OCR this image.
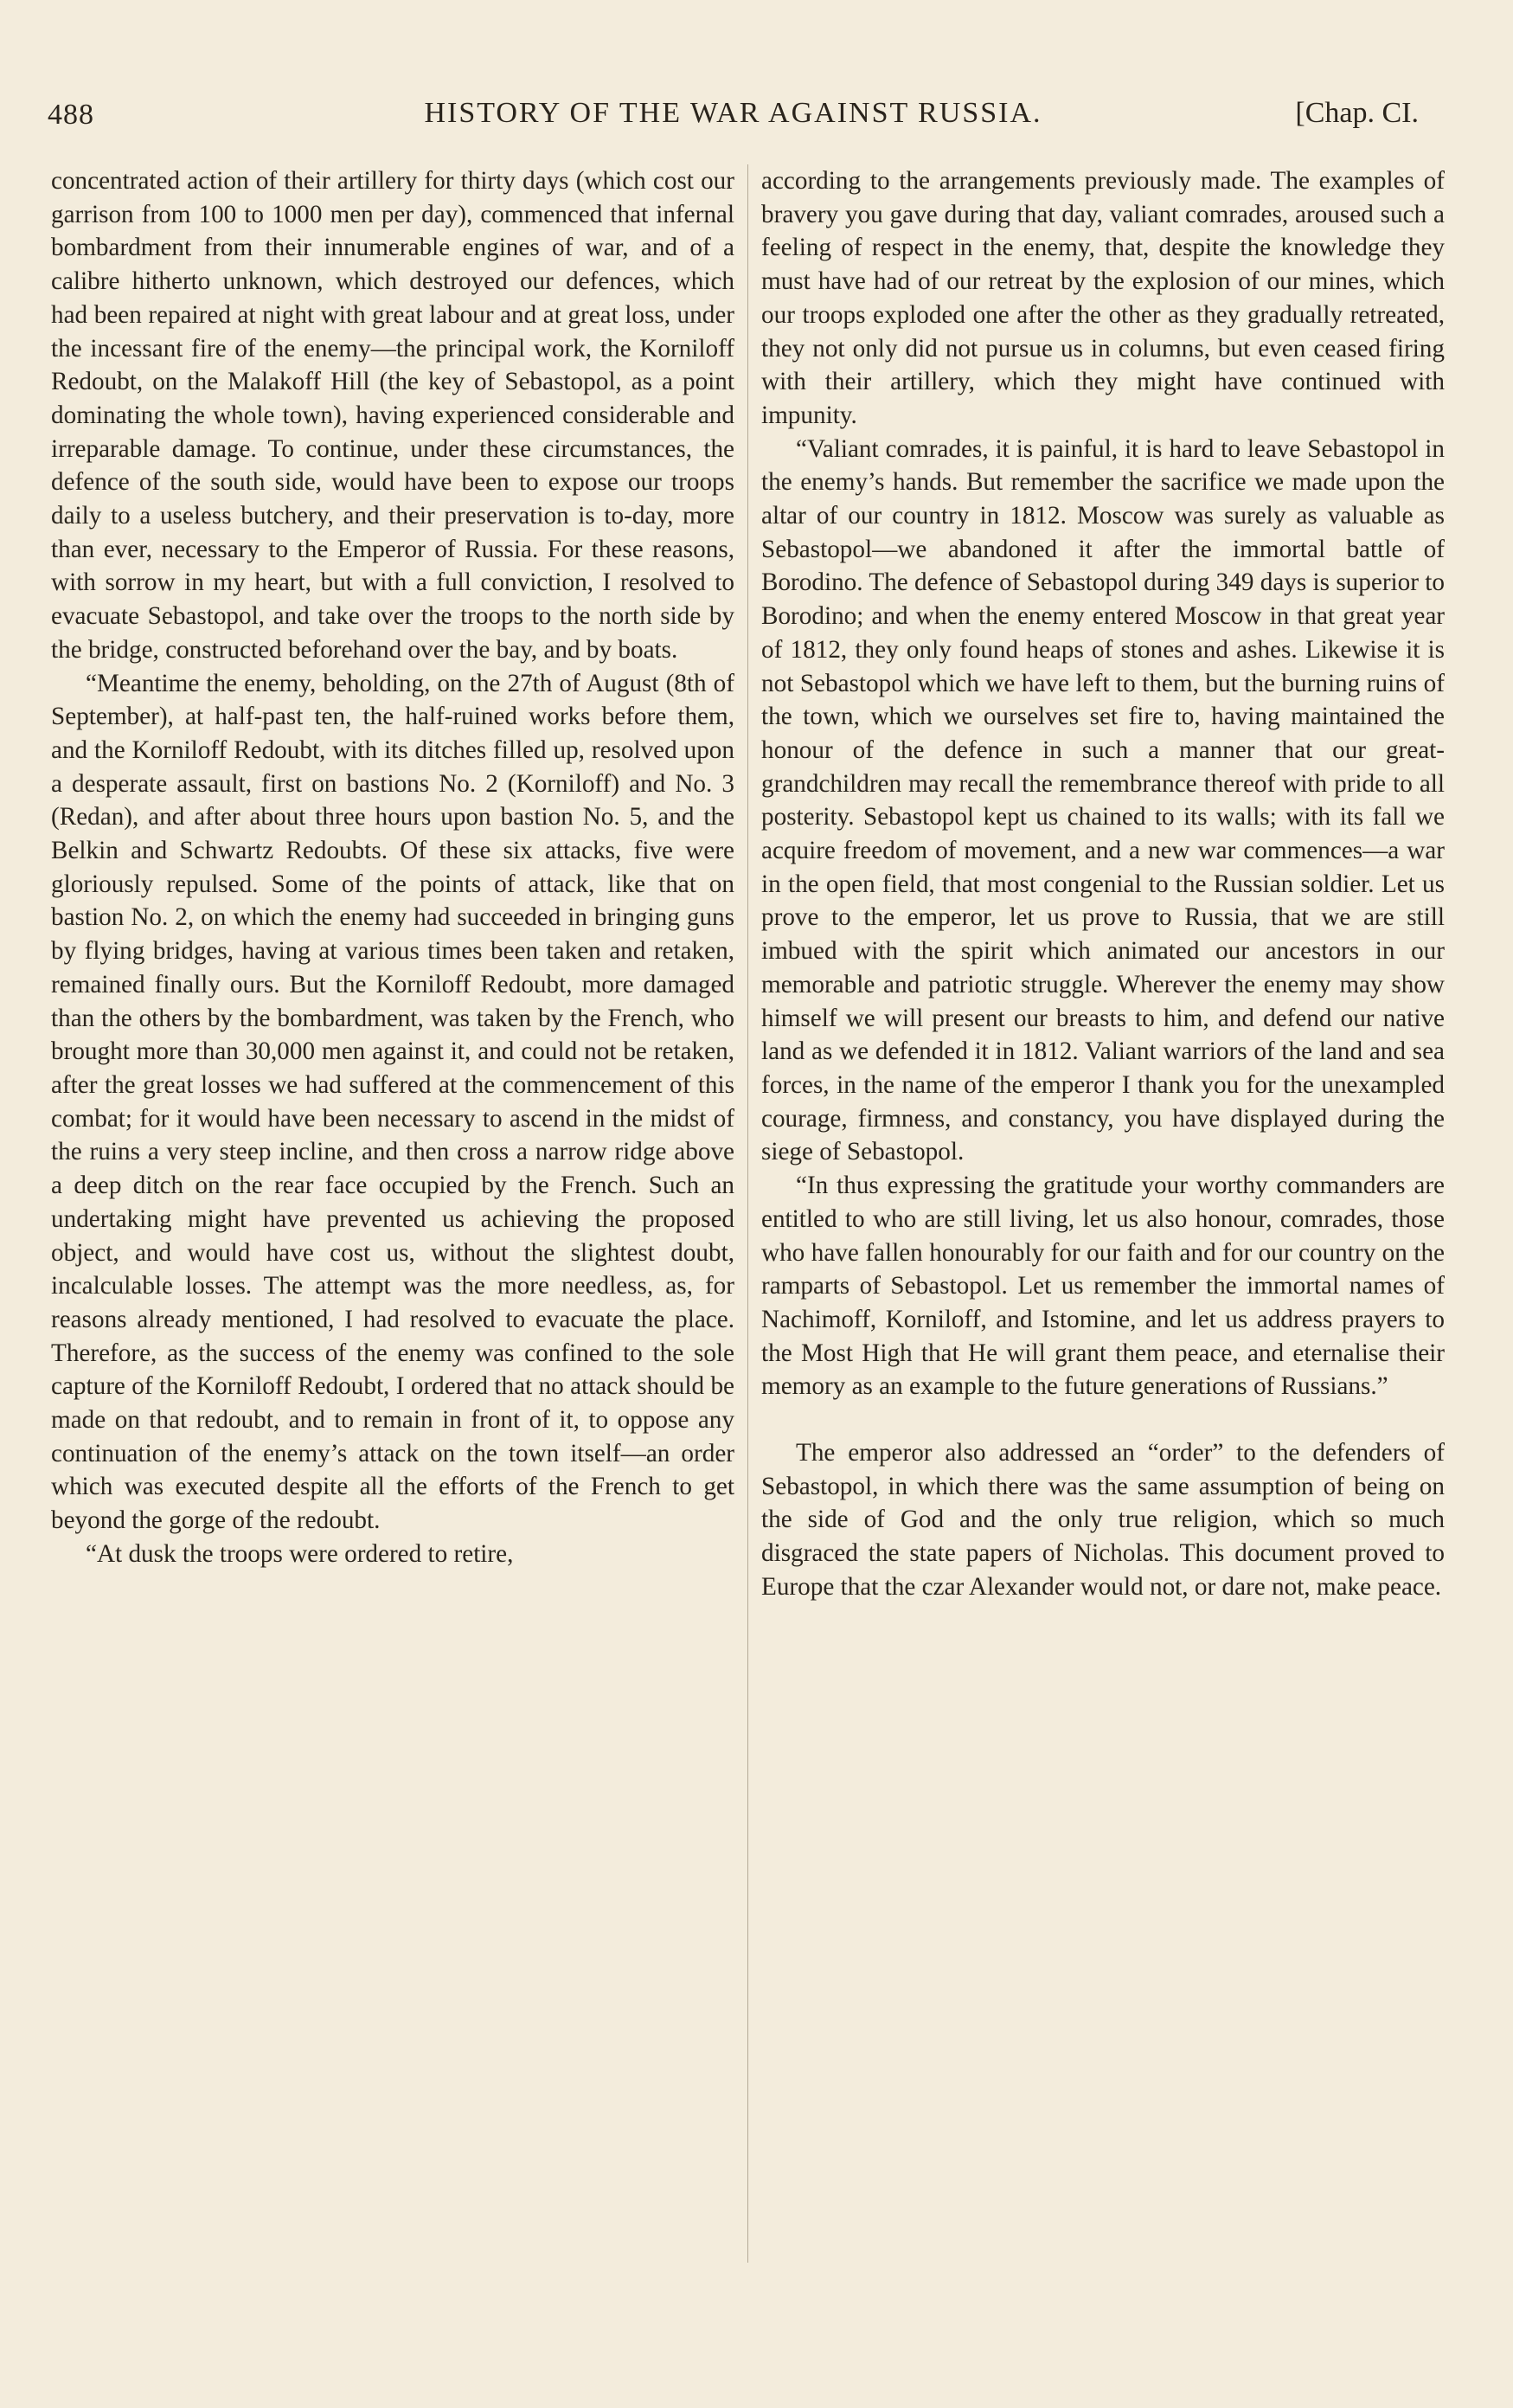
488	HISTORY OF THE WAR AGAINST RUSSIA.	[Chap. CI.

concentrated action of their artillery for thirty days (which cost our garrison from 100 to 1000 men per day), commenced that infernal bombardment from their innumerable engines of war, and of a calibre hitherto unknown, which destroyed our defences, which had been repaired at night with great labour and at great loss, under the incessant fire of the enemy—the principal work, the Korniloff Redoubt, on the Malakoff Hill (the key of Sebastopol, as a point dominating the whole town), having experienced considerable and irreparable damage. To continue, under these circumstances, the defence of the south side, would have been to expose our troops daily to a useless butchery, and their preservation is to-day, more than ever, necessary to the Emperor of Russia. For these reasons, with sorrow in my heart, but with a full conviction, I resolved to evacuate Sebastopol, and take over the troops to the north side by the bridge, constructed beforehand over the bay, and by boats.

“Meantime the enemy, beholding, on the 27th of August (8th of September), at half-past ten, the half-ruined works before them, and the Korniloff Redoubt, with its ditches filled up, resolved upon a desperate assault, first on bastions No. 2 (Korniloff) and No. 3 (Redan), and after about three hours upon bastion No. 5, and the Belkin and Schwartz Redoubts. Of these six attacks, five were gloriously repulsed. Some of the points of attack, like that on bastion No. 2, on which the enemy had succeeded in bringing guns by flying bridges, having at various times been taken and retaken, remained finally ours. But the Korniloff Redoubt, more damaged than the others by the bombardment, was taken by the French, who brought more than 30,000 men against it, and could not be retaken, after the great losses we had suffered at the commencement of this combat; for it would have been necessary to ascend in the midst of the ruins a very steep incline, and then cross a narrow ridge above a deep ditch on the rear face occupied by the French. Such an undertaking might have prevented us achieving the proposed object, and would have cost us, without the slightest doubt, incalculable losses. The attempt was the more needless, as, for reasons already mentioned, I had resolved to evacuate the place. Therefore, as the success of the enemy was confined to the sole capture of the Korniloff Redoubt, I ordered that no attack should be made on that redoubt, and to remain in front of it, to oppose any continuation of the enemy’s attack on the town itself—an order which was executed despite all the efforts of the French to get beyond the gorge of the redoubt.

“At dusk the troops were ordered to retire,

according to the arrangements previously made. The examples of bravery you gave during that day, valiant comrades, aroused such a feeling of respect in the enemy, that, despite the knowledge they must have had of our retreat by the explosion of our mines, which our troops exploded one after the other as they gradually retreated, they not only did not pursue us in columns, but even ceased firing with their artillery, which they might have continued with impunity.

“Valiant comrades, it is painful, it is hard to leave Sebastopol in the enemy’s hands. But remember the sacrifice we made upon the altar of our country in 1812. Moscow was surely as valuable as Sebastopol—we abandoned it after the immortal battle of Borodino. The defence of Sebastopol during 349 days is superior to Borodino; and when the enemy entered Moscow in that great year of 1812, they only found heaps of stones and ashes. Likewise it is not Sebastopol which we have left to them, but the burning ruins of the town, which we ourselves set fire to, having maintained the honour of the defence in such a manner that our great-grandchildren may recall the remembrance thereof with pride to all posterity. Sebastopol kept us chained to its walls; with its fall we acquire freedom of movement, and a new war commences—a war in the open field, that most congenial to the Russian soldier. Let us prove to the emperor, let us prove to Russia, that we are still imbued with the spirit which animated our ancestors in our memorable and patriotic struggle. Wherever the enemy may show himself we will present our breasts to him, and defend our native land as we defended it in 1812. Valiant warriors of the land and sea forces, in the name of the emperor I thank you for the unexampled courage, firmness, and constancy, you have displayed during the siege of Sebastopol.

“In thus expressing the gratitude your worthy commanders are entitled to who are still living, let us also honour, comrades, those who have fallen honourably for our faith and for our country on the ramparts of Sebastopol. Let us remember the immortal names of Nachimoff, Korniloff, and Istomine, and let us address prayers to the Most High that He will grant them peace, and eternalise their memory as an example to the future generations of Russians.”

The emperor also addressed an “order” to the defenders of Sebastopol, in which there was the same assumption of being on the side of God and the only true religion, which so much disgraced the state papers of Nicholas. This document proved to Europe that the czar Alexander would not, or dare not, make peace.
